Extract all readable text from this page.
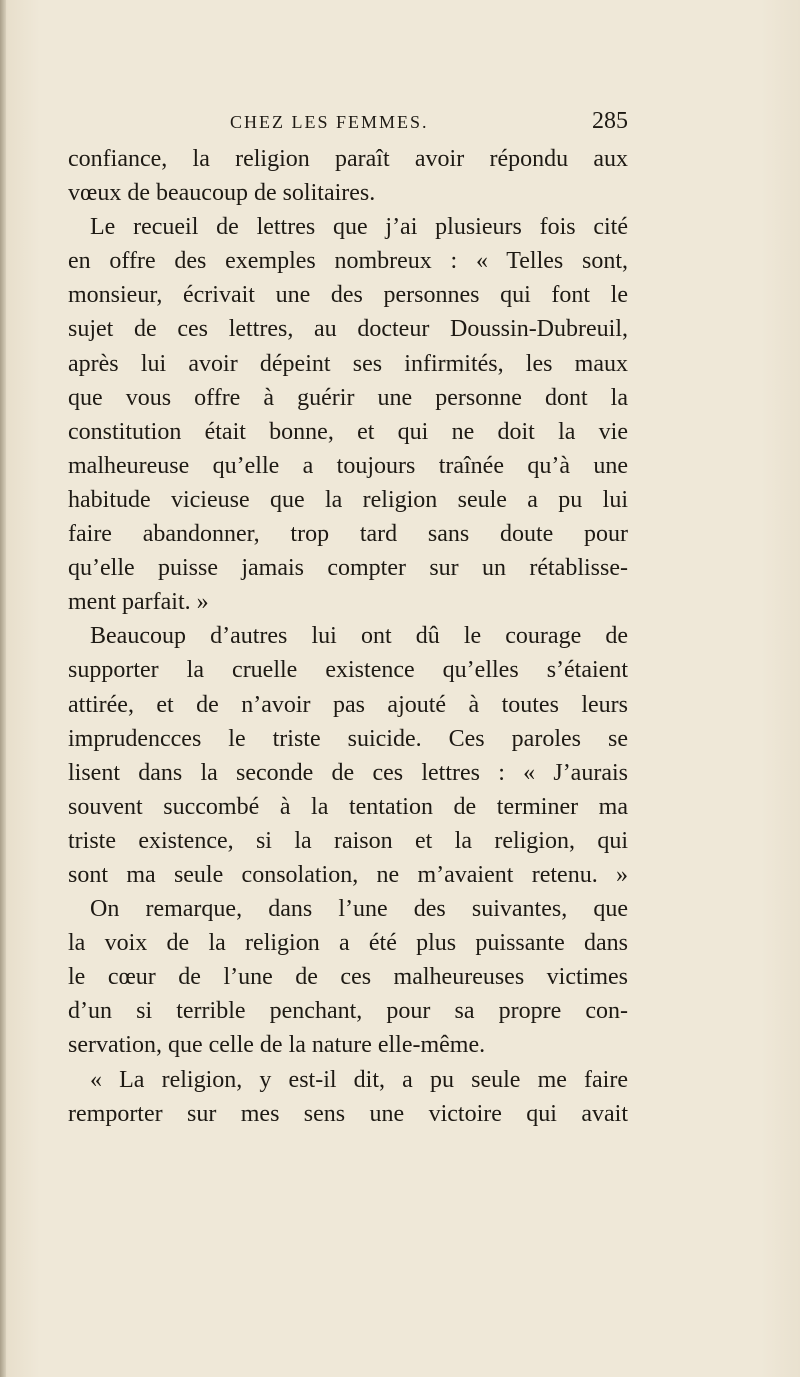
CHEZ LES FEMMES.	285
confiance, la religion paraît avoir répondu aux
vœux de beaucoup de solitaires.
Le recueil de lettres que j’ai plusieurs fois cité
en offre des exemples nombreux : « Telles sont,
monsieur, écrivait une des personnes qui font le
sujet de ces lettres, au docteur Doussin-Dubreuil,
après lui avoir dépeint ses infirmités, les maux
que vous offre à guérir une personne dont la
constitution était bonne, et qui ne doit la vie
malheureuse qu’elle a toujours traînée qu’à une
habitude vicieuse que la religion seule a pu lui
faire abandonner, trop tard sans doute pour
qu’elle puisse jamais compter sur un rétablisse-
ment parfait. »
Beaucoup d’autres lui ont dû le courage de
supporter la cruelle existence qu’elles s’étaient
attirée, et de n’avoir pas ajouté à toutes leurs
imprudencces le triste suicide. Ces paroles se
lisent dans la seconde de ces lettres : « J’aurais
souvent succombé à la tentation de terminer ma
triste existence, si la raison et la religion, qui
sont ma seule consolation, ne m’avaient retenu. »
On remarque, dans l’une des suivantes, que
la voix de la religion a été plus puissante dans
le cœur de l’une de ces malheureuses victimes
d’un si terrible penchant, pour sa propre con-
servation, que celle de la nature elle-même.
« La religion, y est-il dit, a pu seule me faire
remporter sur mes sens une victoire qui avait
